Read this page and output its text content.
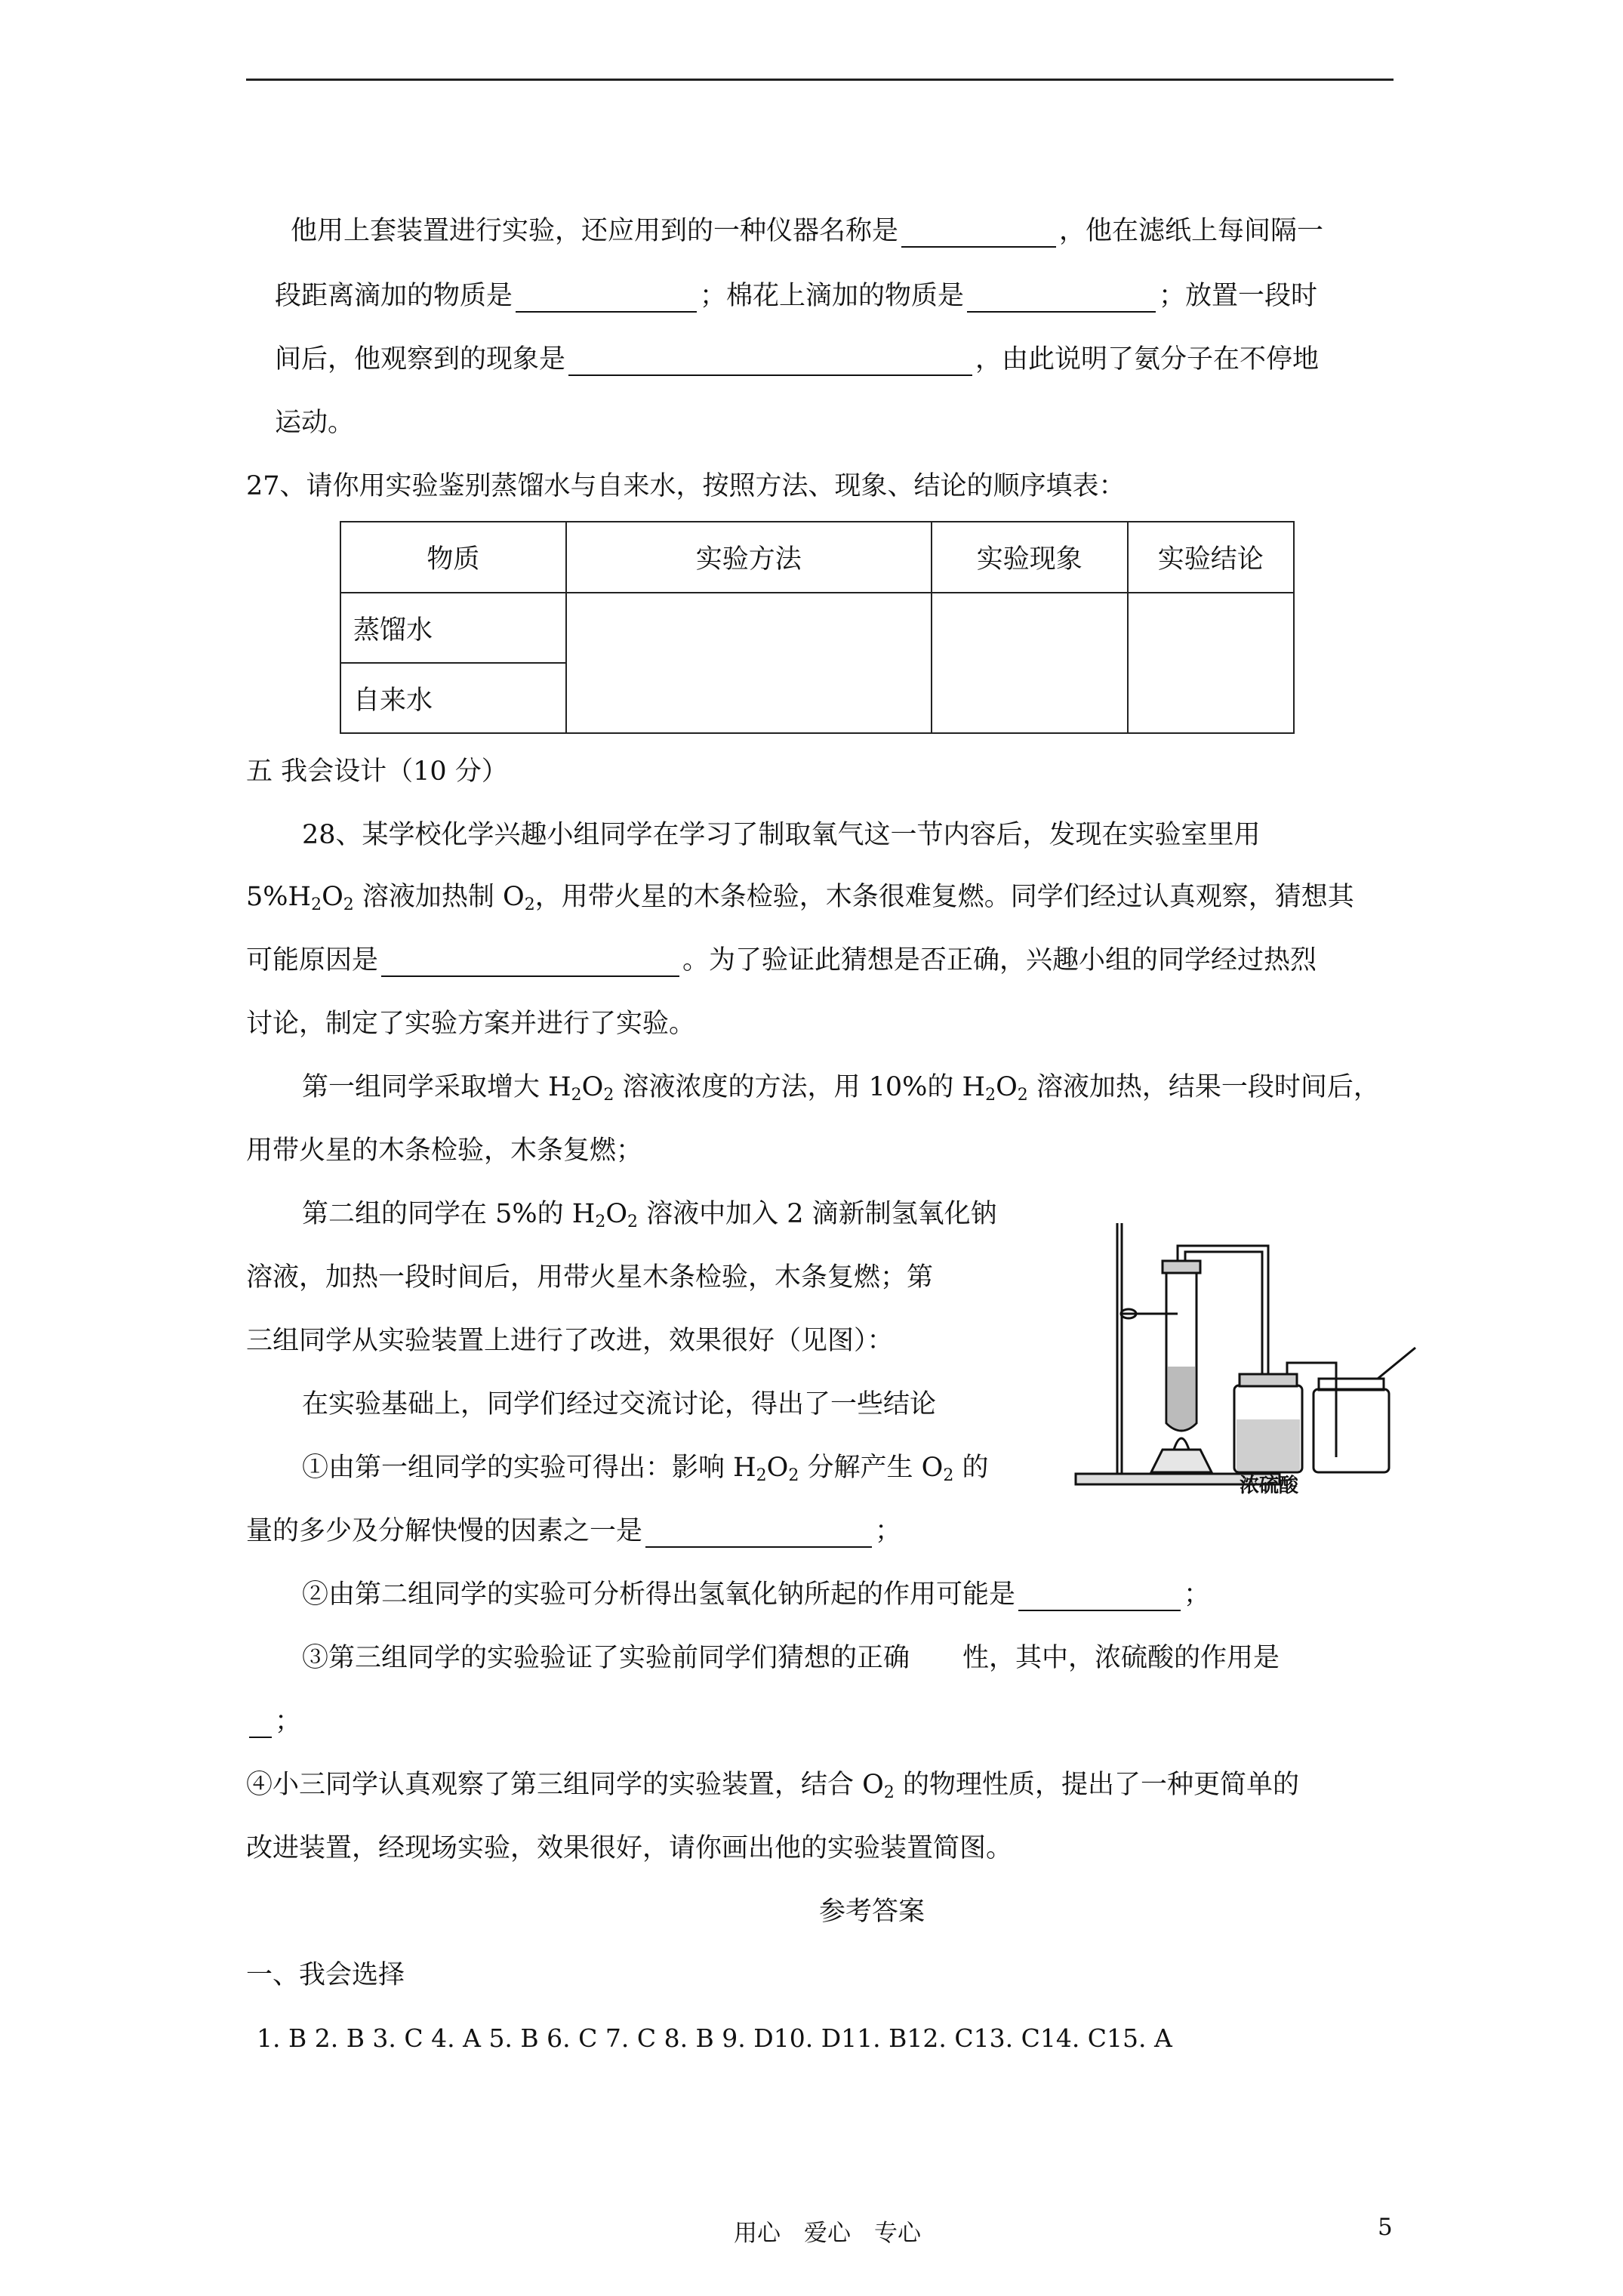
他用上套装置进行实验，还应用到的一种仪器名称是	，他在滤纸上每间隔一
段距离滴加的物质是	；棉花上滴加的物质是	；放置一段时
间后，他观察到的现象是	，由此说明了氨分子在不停地
运动。
27、请你用实验鉴别蒸馏水与自来水，按照方法、现象、结论的顺序填表：
物质	实验方法	实验现象	实验结论
蒸馏水			
自来水			
五 我会设计（10 分）
28、某学校化学兴趣小组同学在学习了制取氧气这一节内容后，发现在实验室里用
$5\%H_2O_2$ 溶液加热制 $O_2$，用带火星的木条检验，木条很难复燃。同学们经过认真观察，猜想其
可能原因是	。为了验证此猜想是否正确，兴趣小组的同学经过热烈
讨论，制定了实验方案并进行了实验。
第一组同学采取增大 $H_2O_2$ 溶液浓度的方法，用 10%的 $H_2O_2$ 溶液加热，结果一段时间后，
用带火星的木条检验，木条复燃；
第二组的同学在 5%的 $H_2O_2$ 溶液中加入 2 滴新制氢氧化钠
溶液，加热一段时间后，用带火星木条检验，木条复燃；第
三组同学从实验装置上进行了改进，效果很好（见图）：
在实验基础上，同学们经过交流讨论，得出了一些结论
①由第一组同学的实验可得出：影响 $H_2O_2$ 分解产生 $O_2$ 的
量的多少及分解快慢的因素之一是	；
②由第二组同学的实验可分析得出氢氧化钠所起的作用可能是	；
③第三组同学的实验验证了实验前同学们猜想的正确　　性，其中，浓硫酸的作用是
；
④小三同学认真观察了第三组同学的实验装置，结合 $O_2$ 的物理性质，提出了一种更简单的
改进装置，经现场实验，效果很好，请你画出他的实验装置简图。
浓硫酸
参考答案
一、我会选择
1. B 2. B 3. C 4. A 5. B 6. C 7. C 8. B 9. D10. D11. B12. C13. C14. C15. A
用心　爱心　专心	5
